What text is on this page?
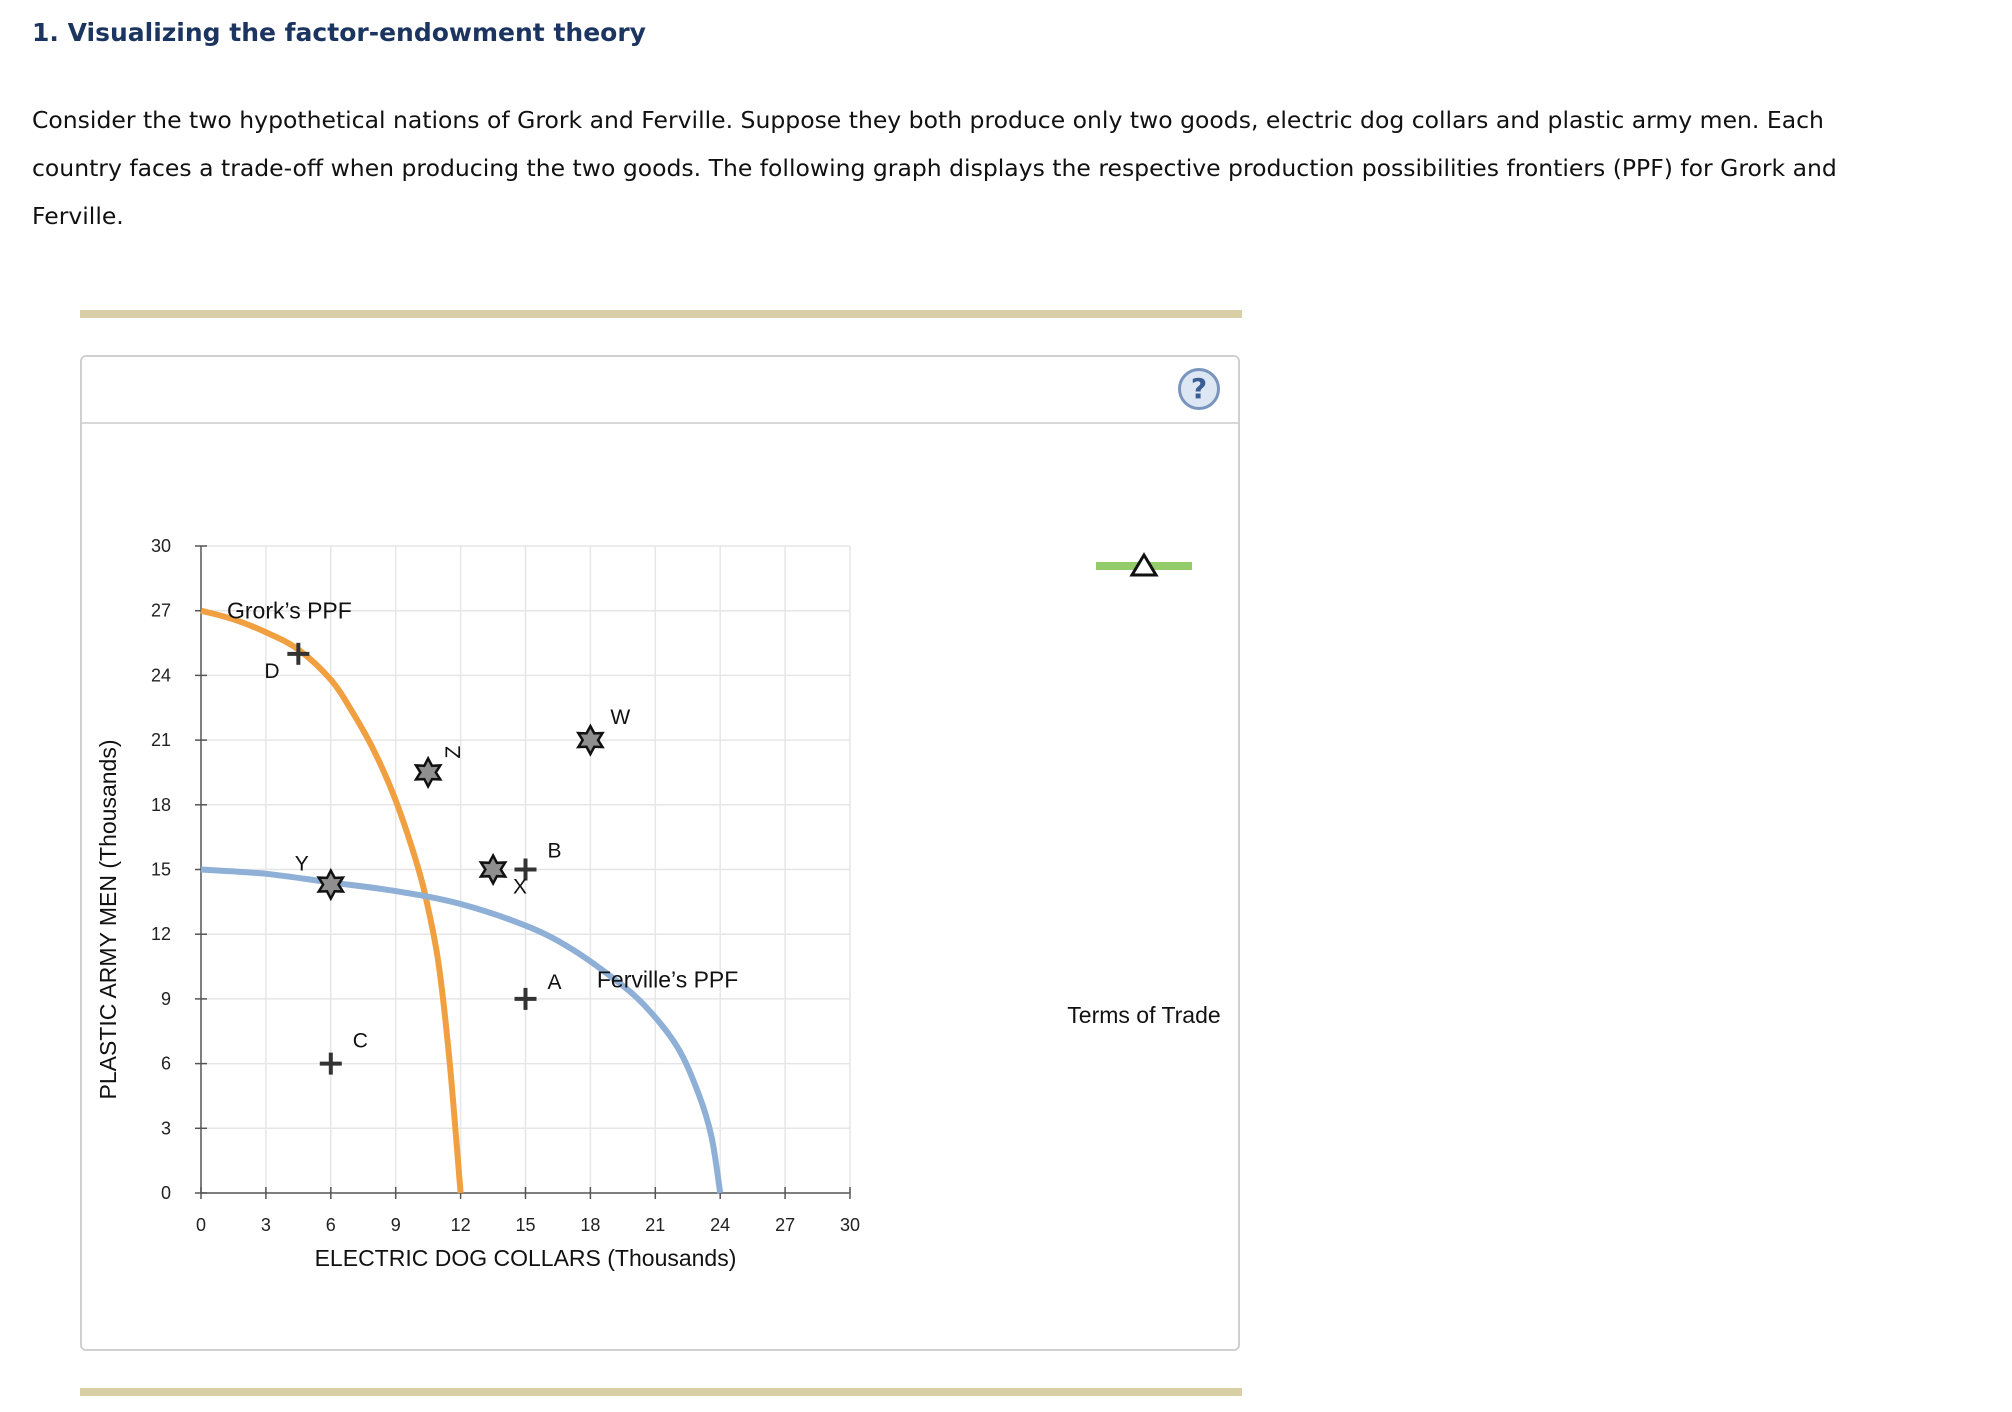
1. Visualizing the factor-endowment theory
Consider the two hypothetical nations of Grork and Ferville. Suppose they both produce only two goods, electric dog collars and plastic army men. Each country faces a trade-off when producing the two goods. The following graph displays the respective production possibilities frontiers (PPF) for Grork and Ferville.
?
0	3	6	9	12 15 18 21 24 27 30
0
3
6
9
12
15
18
21
24
27
30
ELECTRIC DOG COLLARS (Thousands)
PLASTIC ARMY MEN (Thousands)
Grork’s PPF
Ferville’s PPF
A
B
C
D
W
X
Y
Z
Terms of Trade
